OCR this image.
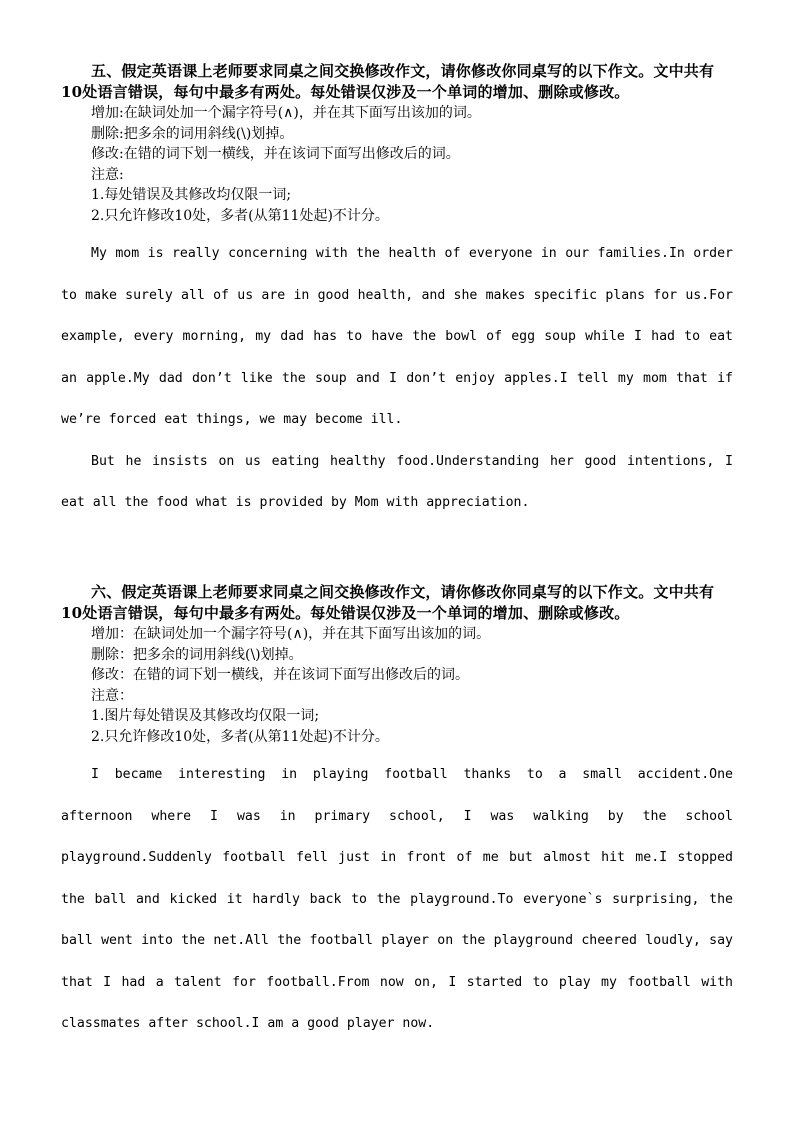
五、假定英语课上老师要求同桌之间交换修改作文，请你修改你同桌写的以下作文。文中共有10处语言错误，每句中最多有两处。每处错误仅涉及一个单词的增加、删除或修改。

增加:在缺词处加一个漏字符号(∧)，并在其下面写出该加的词。

删除:把多余的词用斜线(\)划掉。

修改:在错的词下划一横线，并在该词下面写出修改后的词。

注意:

1.每处错误及其修改均仅限一词;

2.只允许修改10处，多者(从第11处起)不计分。

My mom is really concerning with the health of everyone in our families.In order to make surely all of us are in good health, and she makes specific plans for us.For example, every morning, my dad has to have the bowl of egg soup while I had to eat an apple.My dad don’t like the soup and I don’t enjoy apples.I tell my mom that if we’re forced eat things, we may become ill.

But he insists on us eating healthy food.Understanding her good intentions, I eat all the food what is provided by Mom with appreciation.

六、假定英语课上老师要求同桌之间交换修改作文，请你修改你同桌写的以下作文。文中共有10处语言错误，每句中最多有两处。每处错误仅涉及一个单词的增加、删除或修改。

增加：在缺词处加一个漏字符号(∧)，并在其下面写出该加的词。

删除：把多余的词用斜线(\)划掉。

修改：在错的词下划一横线，并在该词下面写出修改后的词。

注意：

1.图片每处错误及其修改均仅限一词;

2.只允许修改10处，多者(从第11处起)不计分。

I became interesting in playing football thanks to a small accident.One afternoon where I was in primary school, I was walking by the school playground.Suddenly football fell just in front of me but almost hit me.I stopped the ball and kicked it hardly back to the playground.To everyone`s surprising, the ball went into the net.All the football player on the playground cheered loudly, say that I had a talent for football.From now on, I started to play my football with classmates after school.I am a good player now.
